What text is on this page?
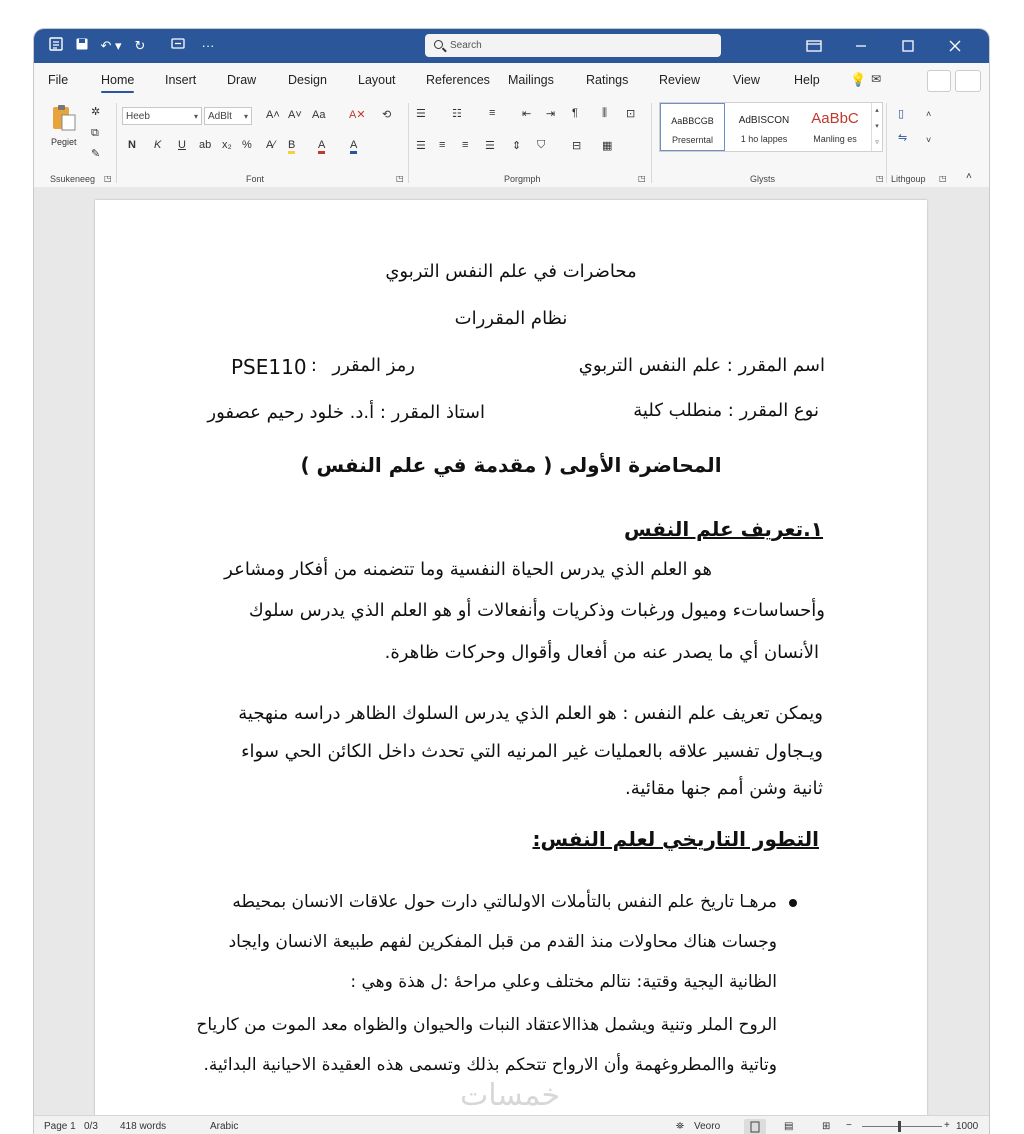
↶ ▾	↻	···	Search
File	Home Insert Draw	Design Layout References Mailings	Ratings Review	View	Help 💡 ✉
Pegiet
✲
⧉
✎
Ssukeneeg ◳
Heeb ▾	AdBlt ▾	A˄ A˅ Aa A✕ ⟲
N K U ab x₂ % A∕ B A A
Font	◳
☰ ☷ ≡ ⇤ ⇥ ¶ ⫼ ⊡
☰ ≡ ≡ ☰ ⇕ ⛉ ⊟ ▦
Porgmph	◳
AaBBCGB
Preserntal
AdBISCON
1 ho lappes
AaBbC
Manling es
▴
▾
▿
Glysts	◳
▯
⇋
˄
˅
Lithgoup ◳ ˄
محاضرات في علم النفس التربوي
نظام المقررات
اسم المقرر : علم النفس التربوي
رمز المقرر
:
PSE110
نوع المقرر : منطلب كلية
استاذ المقرر : أ.د. خلود رحيم عصفور
المحاضرة الأولى ( مقدمة في علم النفس )
١.تعريف علم النفس
هو العلم الذي يدرس الحياة النفسية وما تتضمنه من أفكار ومشاعر
وأحساساتء وميول ورغبات وذكريات وأنفعالات أو هو العلم الذي يدرس سلوك
الأنسان أي ما يصدر عنه من أفعال وأقوال وحركات ظاهرة.
ويمكن تعريف علم النفس : هو العلم الذي يدرس السلوك الظاهر دراسه منهجية
ويـجاول تفسير علاقه بالعمليات غير المرنيه التي تحدث داخل الكائن الحي سواء
ثانية وشن أمم جنها مقائية.
التطور التاريخي لعلم النفس:
مرهـا تاريخ علم النفس بالتأملات الاولىالتي دارت حول علاقات الانسان بمحيطه
وجسات هناك محاولات منذ القدم من قبل المفكرين لفهم طبيعة الانسان وايجاد
الظانية اليجية وقتية: نتالم مختلف وعلي مراحهٔ :ل هذة وهي :
الروح الملر وتنية ويشمل هذاالاعتقاد النبات والحيوان والظواه معد الموت من كارياح
وتاتية واالمطروغهمة وأن الارواح تتحكم بذلك وتسمى هذه العقيدة الاحيانية البدائية.
Page 1 0/3 418 words	Arabic	⛯ Veoro	▤	⊞ −	+ 1000
خمسات
